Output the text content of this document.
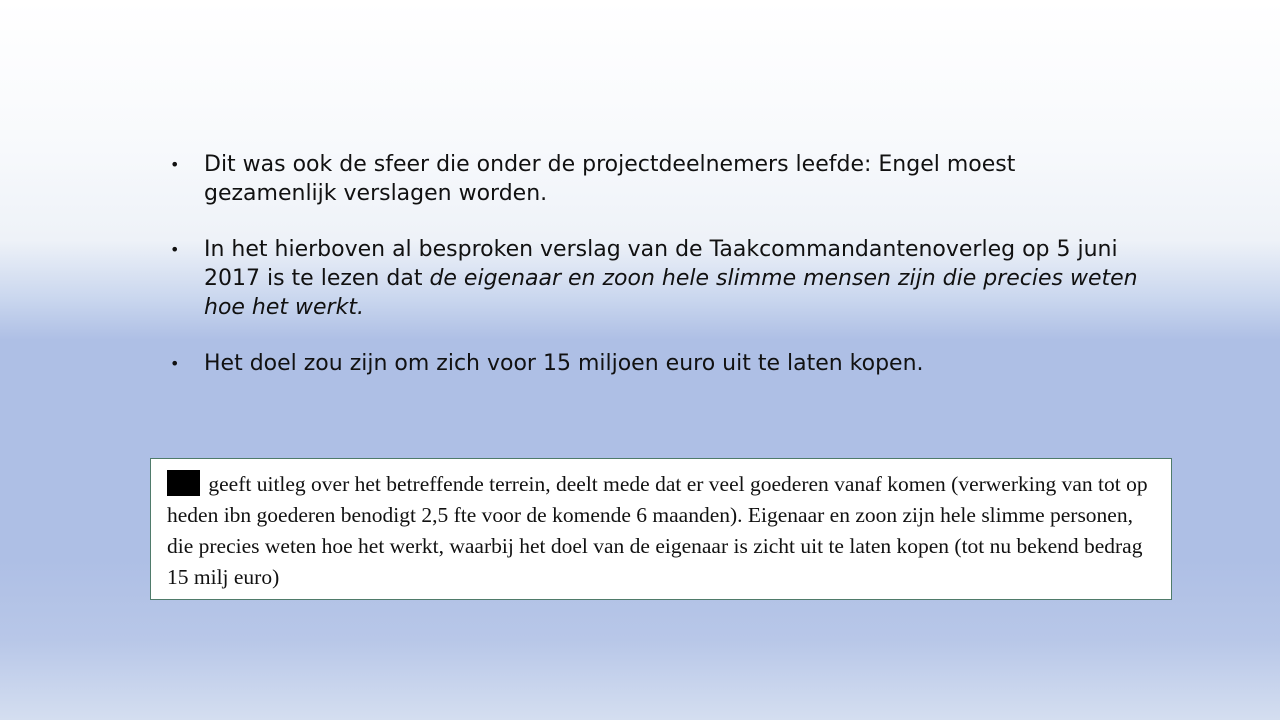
• Dit was ook de sfeer die onder de projectdeelnemers leefde: Engel moest gezamenlijk verslagen worden.
• In het hierboven al besproken verslag van de Taakcommandantenoverleg op 5 juni 2017 is te lezen dat de eigenaar en zoon hele slimme mensen zijn die precies weten hoe het werkt.
• Het doel zou zijn om zich voor 15 miljoen euro uit te laten kopen.
geeft uitleg over het betreffende terrein, deelt mede dat er veel goederen vanaf komen (verwerking van tot op heden ibn goederen benodigt 2,5 fte voor de komende 6 maanden). Eigenaar en zoon zijn hele slimme personen, die precies weten hoe het werkt, waarbij het doel van de eigenaar is zicht uit te laten kopen (tot nu bekend bedrag 15 milj euro)
